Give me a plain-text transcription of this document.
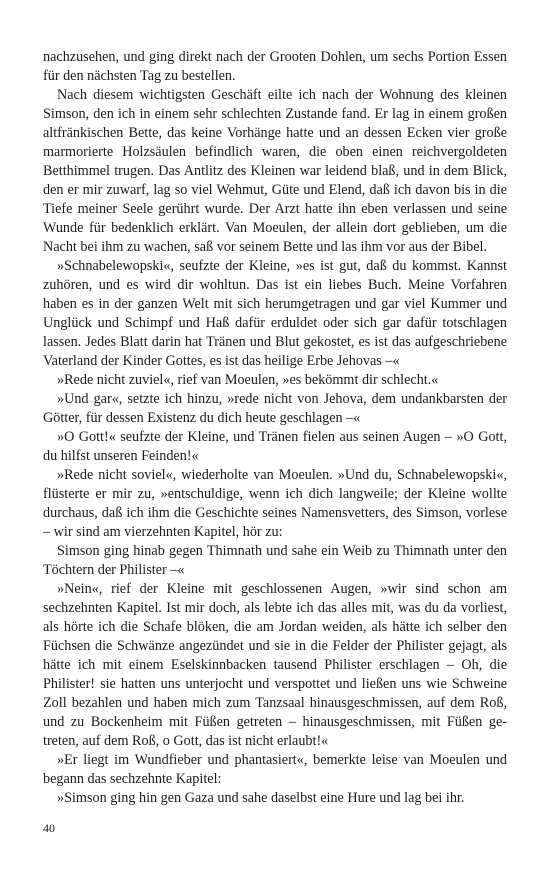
nachzusehen, und ging direkt nach der Grooten Dohlen, um sechs Portion Essen für den nächsten Tag zu bestellen.

Nach diesem wichtigsten Geschäft eilte ich nach der Wohnung des kleinen Simson, den ich in einem sehr schlechten Zustande fand. Er lag in einem großen altfränkischen Bette, das keine Vorhänge hatte und an dessen Ecken vier große marmorierte Holzsäulen befindlich waren, die oben einen reichvergoldeten Betthimmel trugen. Das Antlitz des Kleinen war leidend blaß, und in dem Blick, den er mir zuwarf, lag so viel Wehmut, Güte und Elend, daß ich davon bis in die Tiefe meiner Seele gerührt wurde. Der Arzt hatte ihn eben verlassen und seine Wunde für bedenklich erklärt. Van Moeulen, der allein dort geblieben, um die Nacht bei ihm zu wachen, saß vor seinem Bette und las ihm vor aus der Bibel.

»Schnabelewopski«, seufzte der Kleine, »es ist gut, daß du kommst. Kannst zuhören, und es wird dir wohltun. Das ist ein liebes Buch. Meine Vorfahren haben es in der ganzen Welt mit sich herumgetragen und gar viel Kummer und Unglück und Schimpf und Haß dafür erduldet oder sich gar dafür totschlagen lassen. Jedes Blatt darin hat Tränen und Blut gekostet, es ist das aufgeschriebene Vaterland der Kinder Gottes, es ist das heilige Erbe Jehovas –«

»Rede nicht zuviel«, rief van Moeulen, »es bekömmt dir schlecht.«

»Und gar«, setzte ich hinzu, »rede nicht von Jehova, dem undankbarsten der Götter, für dessen Existenz du dich heute geschlagen –«

»O Gott!« seufzte der Kleine, und Tränen fielen aus seinen Augen – »O Gott, du hilfst unseren Feinden!«

»Rede nicht soviel«, wiederholte van Moeulen. »Und du, Schnabelewopski«, flüsterte er mir zu, »entschuldige, wenn ich dich langweile; der Kleine wollte durchaus, daß ich ihm die Geschichte seines Namensvetters, des Simson, vorlese – wir sind am vierzehnten Kapitel, hör zu:

Simson ging hinab gegen Thimnath und sahe ein Weib zu Thimnath unter den Töchtern der Philister –«

»Nein«, rief der Kleine mit geschlossenen Augen, »wir sind schon am sechzehnten Kapitel. Ist mir doch, als lebte ich das alles mit, was du da vorliest, als hörte ich die Schafe blöken, die am Jordan weiden, als hätte ich selber den Füchsen die Schwänze angezündet und sie in die Felder der Philister gejagt, als hätte ich mit einem Eselskinnbacken tausend Philister erschlagen – Oh, die Philister! sie hatten uns unterjocht und verspottet und ließen uns wie Schweine Zoll bezahlen und haben mich zum Tanzsaal hinausgeschmissen, auf dem Roß, und zu Bockenheim mit Füßen getreten – hinausgeschmissen, mit Füßen getreten, auf dem Roß, o Gott, das ist nicht erlaubt!«

»Er liegt im Wundfieber und phantasiert«, bemerkte leise van Moeulen und begann das sechzehnte Kapitel:

»Simson ging hin gen Gaza und sahe daselbst eine Hure und lag bei ihr.

40
